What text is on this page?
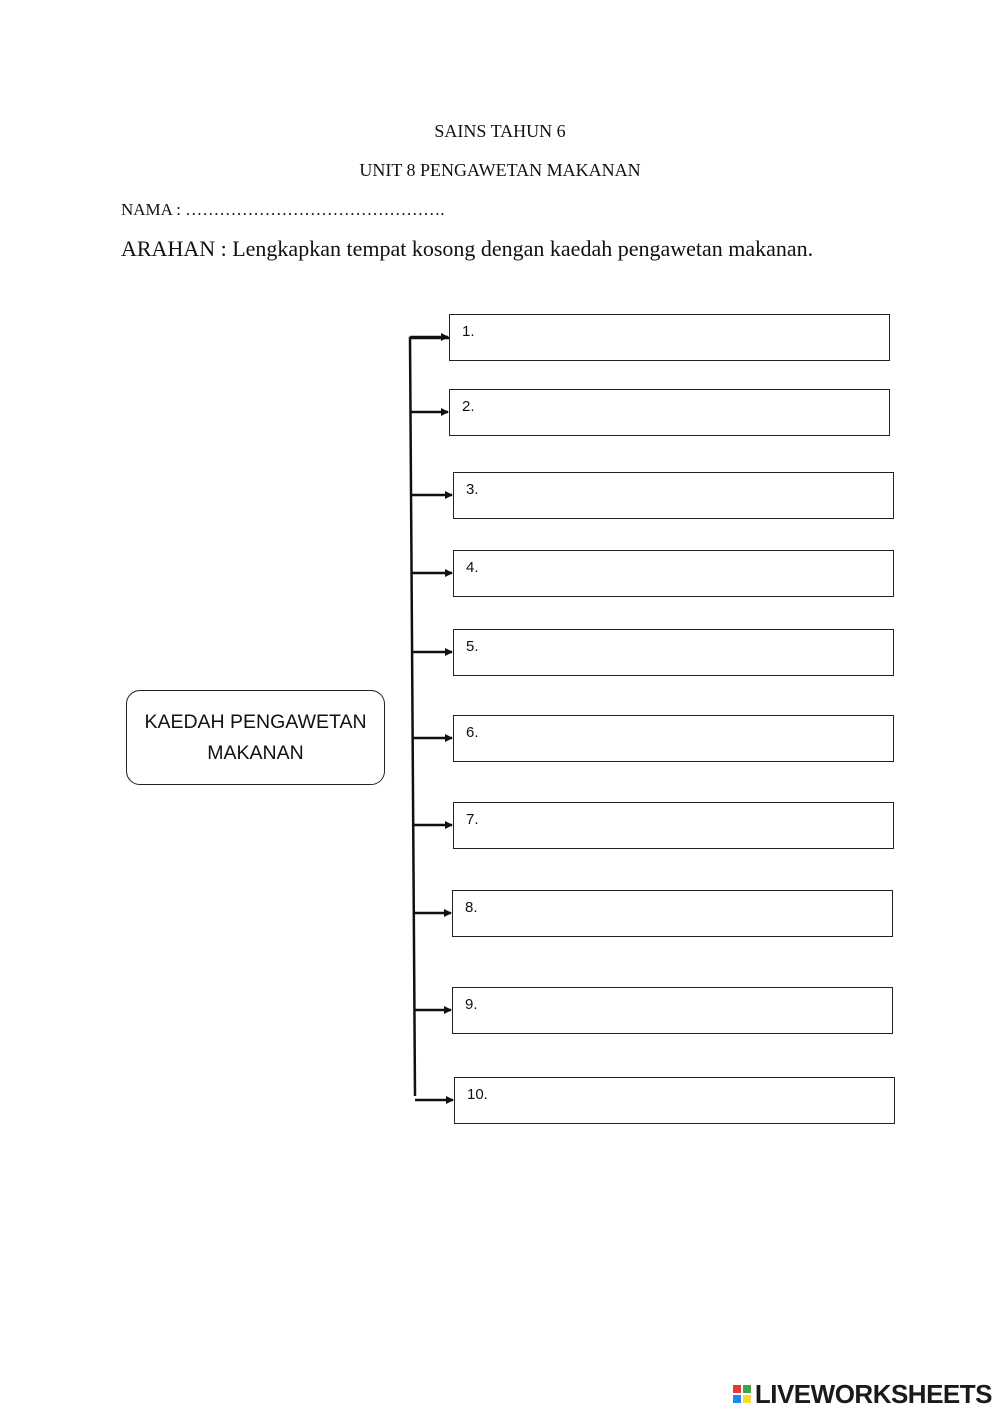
SAINS TAHUN 6
UNIT 8 PENGAWETAN MAKANAN
NAMA : ……………………………………….
ARAHAN : Lengkapkan tempat kosong dengan kaedah pengawetan makanan.
KAEDAH PENGAWETAN
MAKANAN
1.
2.
3.
4.
5.
6.
7.
8.
9.
10.
LIVEWORKSHEETS
